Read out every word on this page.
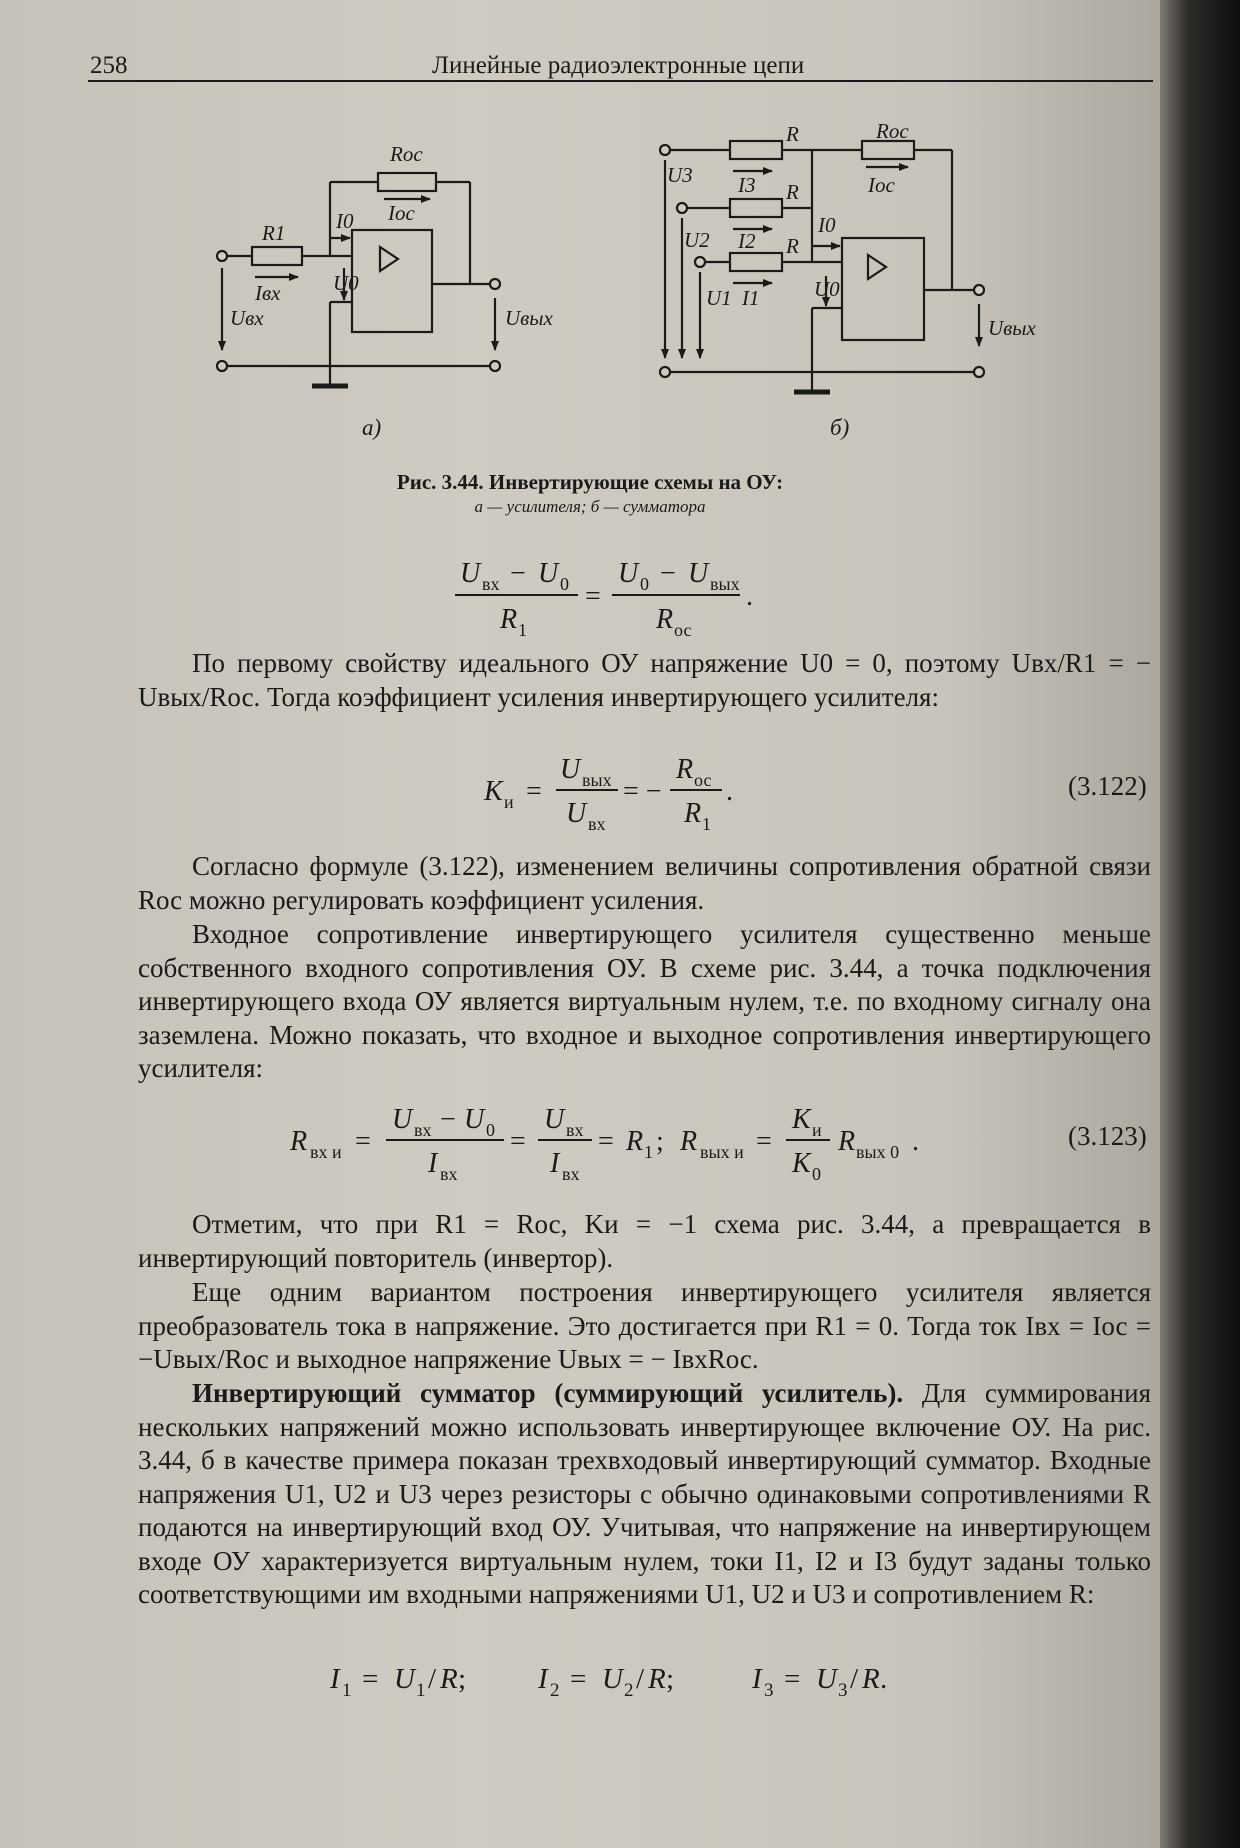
258	Линейные радиоэлектронные цепи
Rос
Iос
R1 I0
Iвх	U0
Uвх	Uвых
R	Rос
U3 I3 R	Iос
U2 I2 R
I0
U1 I1	U0
Uвых
а)	б)
Рис. 3.44. Инвертирующие схемы на ОУ:
а — усилителя; б — сумматора
U вх − U 0
R 1
=
U 0 − U вых
R ос
.
K и =
U вых
U вх
= −
R ос
R 1
.	(3.122)
R вх и =
U вх − U 0
I вх
=
U вх
I вх
= R 1 ; R вых и =
K и
K 0
R вых 0 .	(3.123)

По первому свойству идеального ОУ напряжение U0 = 0, поэтому Uвх/R1 = − Uвых/Rос. Тогда коэффициент усиления инвертирующего усилителя:

Согласно формуле (3.122), изменением величины сопротивления обратной связи Rос можно регулировать коэффициент усиления.

Входное сопротивление инвертирующего усилителя существенно меньше собственного входного сопротивления ОУ. В схеме рис. 3.44, а точка подключения инвертирующего входа ОУ является виртуальным нулем, т.е. по входному сигналу она заземлена. Можно показать, что входное и выходное сопротивления инвертирующего усилителя:

Отметим, что при R1 = Rос, Kи = −1 схема рис. 3.44, а превращается в инвертирующий повторитель (инвертор).

Еще одним вариантом построения инвертирующего усилителя является преобразователь тока в напряжение. Это достигается при R1 = 0. Тогда ток Iвх = Iос = −Uвых/Rос и выходное напряжение Uвых = − IвхRос.

Инвертирующий сумматор (суммирующий усилитель). Для суммирования нескольких напряжений можно использовать инвертирующее включение ОУ. На рис. 3.44, б в качестве примера показан трехвходовый инвертирующий сумматор. Входные напряжения U1, U2 и U3 через резисторы с обычно одинаковыми сопротивлениями R подаются на инвертирующий вход ОУ. Учитывая, что напряжение на инвертирующем входе ОУ характеризуется виртуальным нулем, токи I1, I2 и I3 будут заданы только соответствующими им входными напряжениями U1, U2 и U3 и сопротивлением R:

I 1 = U 1 / R ; I 2 = U 2 / R ;	I 3 = U 3 / R .
